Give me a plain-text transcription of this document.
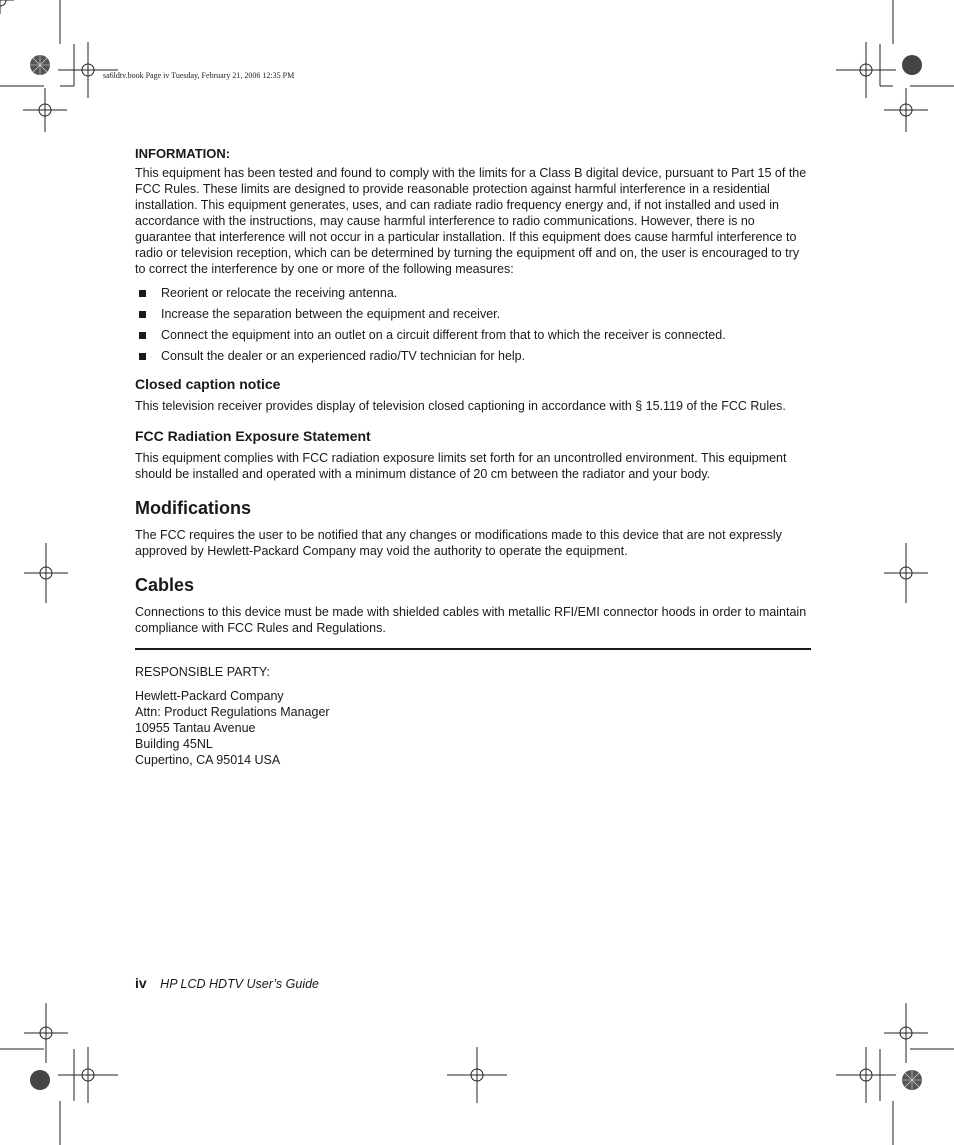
sa6ldtv.book Page iv Tuesday, February 21, 2006 12:35 PM
INFORMATION:

This equipment has been tested and found to comply with the limits for a Class B digital device, pursuant to Part 15 of the FCC Rules. These limits are designed to provide reasonable protection against harmful interference in a residential installation. This equipment generates, uses, and can radiate radio frequency energy and, if not installed and used in accordance with the instructions, may cause harmful interference to radio communications. However, there is no guarantee that interference will not occur in a particular installation. If this equipment does cause harmful interference to radio or television reception, which can be determined by turning the equipment off and on, the user is encouraged to try to correct the interference by one or more of the following measures:

Reorient or relocate the receiving antenna.
Increase the separation between the equipment and receiver.
Connect the equipment into an outlet on a circuit different from that to which the receiver is connected.
Consult the dealer or an experienced radio/TV technician for help.
Closed caption notice

This television receiver provides display of television closed captioning in accordance with § 15.119 of the FCC Rules.

FCC Radiation Exposure Statement

This equipment complies with FCC radiation exposure limits set forth for an uncontrolled environment. This equipment should be installed and operated with a minimum distance of 20 cm between the radiator and your body.

Modifications

The FCC requires the user to be notified that any changes or modifications made to this device that are not expressly approved by Hewlett-Packard Company may void the authority to operate the equipment.

Cables

Connections to this device must be made with shielded cables with metallic RFI/EMI connector hoods in order to maintain compliance with FCC Rules and Regulations.

RESPONSIBLE PARTY:

Hewlett-Packard Company

Attn: Product Regulations Manager

10955 Tantau Avenue

Building 45NL

Cupertino, CA 95014 USA

iv HP LCD HDTV User’s Guide
